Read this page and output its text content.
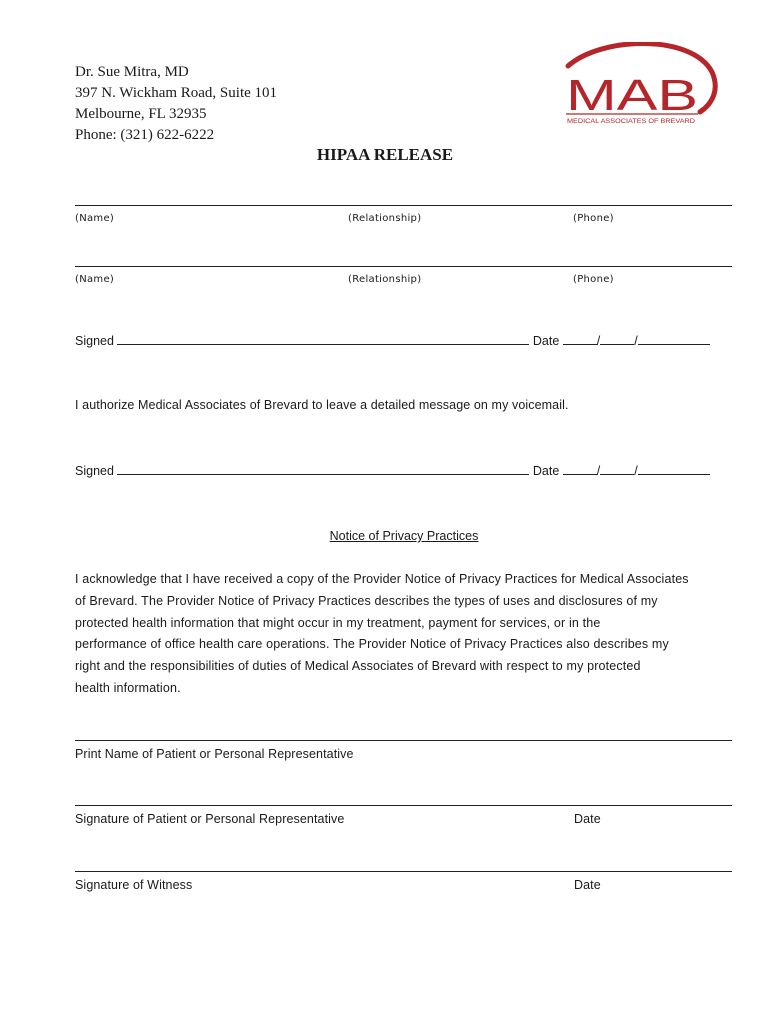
Dr. Sue Mitra, MD
397 N. Wickham Road, Suite 101
Melbourne, FL 32935
Phone: (321) 622-6222
MAB
MEDICAL ASSOCIATES OF BREVARD
HIPAA RELEASE
(Name)	(Relationship)	(Phone)
(Name)	(Relationship)	(Phone)
Signed	Date	/	/
I authorize Medical Associates of Brevard to leave a detailed message on my voicemail.
Signed	Date	/	/
Notice of Privacy Practices
I acknowledge that I have received a copy of the Provider Notice of Privacy Practices for Medical Associates
of Brevard. The Provider Notice of Privacy Practices describes the types of uses and disclosures of my
protected health information that might occur in my treatment, payment for services, or in the
performance of office health care operations. The Provider Notice of Privacy Practices also describes my
right and the responsibilities of duties of Medical Associates of Brevard with respect to my protected
health information.
Print Name of Patient or Personal Representative
Signature of Patient or Personal Representative	Date
Signature of Witness	Date
